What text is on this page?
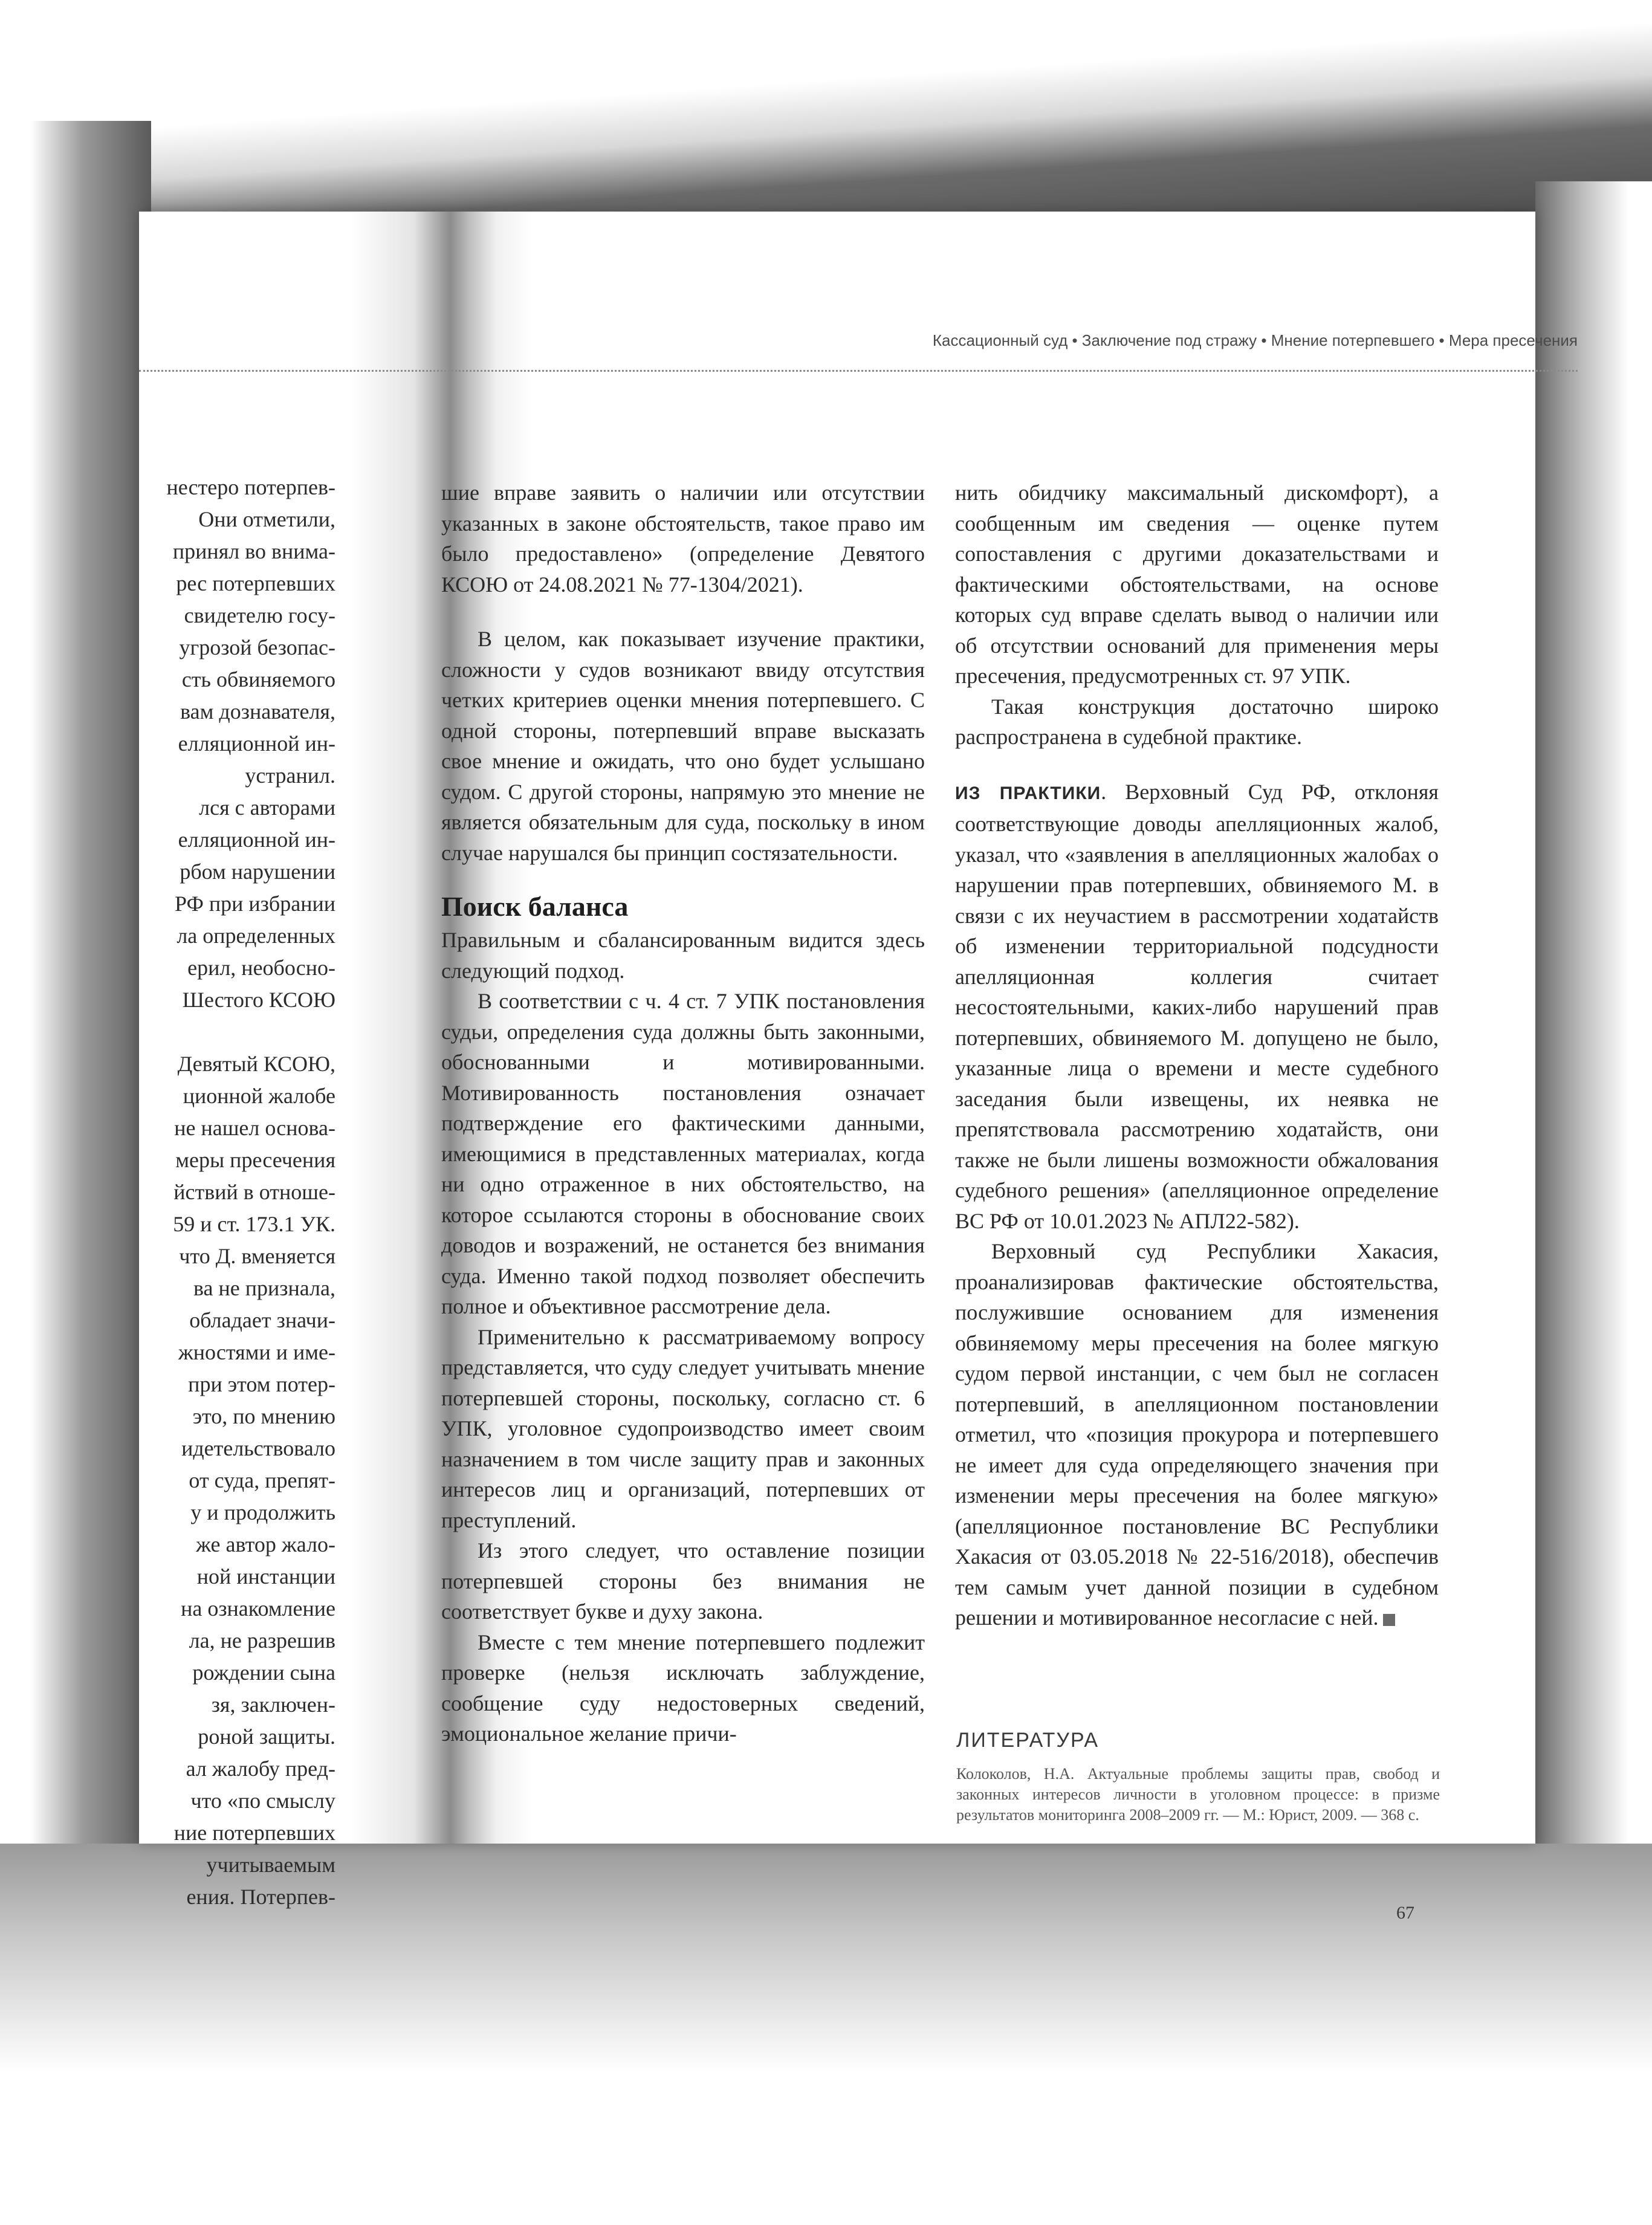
нестеро потерпев-
Они отметили,
принял во внима-
рес потерпевших
свидетелю госу-
угрозой безопас-
сть обвиняемого
вам дознавателя,
елляционной ин-
устранил.
лся с авторами
елляционной ин-
рбом нарушении
РФ при избрании
ла определенных
ерил, необосно-
Шестого КСОЮ

Девятый КСОЮ,
ционной жалобе
не нашел основа-
меры пресечения
йствий в отноше-
59 и ст. 173.1 УК.
что Д. вменяется
ва не признала,
обладает значи-
жностями и име-
при этом потер-
это, по мнению
идетельствовало
от суда, препят-
у и продолжить
же автор жало-
ной инстанции
на ознакомление
ла, не разрешив
рождении сына
зя, заключен-
роной защиты.
ал жалобу пред-
что «по смыслу
ние потерпевших
учитываемым
ения. Потерпев-
Кассационный суд • Заключение под стражу • Мнение потерпевшего • Мера пресечения

шие вправе заявить о наличии или отсутствии указанных в законе обстоятельств, такое право им было предоставлено» (определение Девятого КСОЮ от 24.08.2021 № 77-1304/2021).

В целом, как показывает изучение практики, сложности у судов возникают ввиду отсутствия четких критериев оценки мнения потерпевшего. С одной стороны, потерпевший вправе высказать свое мнение и ожидать, что оно будет услышано судом. С другой стороны, напрямую это мнение не является обязательным для суда, поскольку в ином случае нарушался бы принцип состязательности.

Поиск баланса

Правильным и сбалансированным видится здесь следующий подход.

В соответствии с ч. 4 ст. 7 УПК постановления судьи, определения суда должны быть законными, обоснованными и мотивированными. Мотивированность постановления означает подтверждение его фактическими данными, имеющимися в представленных материалах, когда ни одно отраженное в них обстоятельство, на которое ссылаются стороны в обоснование своих доводов и возражений, не останется без внимания суда. Именно такой подход позволяет обеспечить полное и объективное рассмотрение дела.

Применительно к рассматриваемому вопросу представляется, что суду следует учитывать мнение потерпевшей стороны, поскольку, согласно ст. 6 УПК, уголовное судопроизводство имеет своим назначением в том числе защиту прав и законных интересов лиц и организаций, потерпевших от преступлений.

Из этого следует, что оставление позиции потерпевшей стороны без внимания не соответствует букве и духу закона.

Вместе с тем мнение потерпевшего подлежит проверке (нельзя исключать заблуждение, сообщение суду недостоверных сведений, эмоциональное желание причи-

нить обидчику максимальный дискомфорт), а сообщенным им сведения — оценке путем сопоставления с другими доказательствами и фактическими обстоятельствами, на основе которых суд вправе сделать вывод о наличии или об отсутствии оснований для применения меры пресечения, предусмотренных ст. 97 УПК.

Такая конструкция достаточно широко распространена в судебной практике.

ИЗ ПРАКТИКИ. Верховный Суд РФ, отклоняя соответствующие доводы апелляционных жалоб, указал, что «заявления в апелляционных жалобах о нарушении прав потерпевших, обвиняемого М. в связи с их неучастием в рассмотрении ходатайств об изменении территориальной подсудности апелляционная коллегия считает несостоятельными, каких-либо нарушений прав потерпевших, обвиняемого М. допущено не было, указанные лица о времени и месте судебного заседания были извещены, их неявка не препятствовала рассмотрению ходатайств, они также не были лишены возможности обжалования судебного решения» (апелляционное определение ВС РФ от 10.01.2023 № АПЛ22-582).

Верховный суд Республики Хакасия, проанализировав фактические обстоятельства, послужившие основанием для изменения обвиняемому меры пресечения на более мягкую судом первой инстанции, с чем был не согласен потерпевший, в апелляционном постановлении отметил, что «позиция прокурора и потерпевшего не имеет для суда определяющего значения при изменении меры пресечения на более мягкую» (апелляционное постановление ВС Республики Хакасия от 03.05.2018 № 22-516/2018), обеспечив тем самым учет данной позиции в судебном решении и мотивированное несогласие с ней.

ЛИТЕРАТУРА
Колоколов, Н.А. Актуальные проблемы защиты прав, свобод и законных интересов личности в уголовном процессе: в призме результатов мониторинга 2008–2009 гг. — М.: Юрист, 2009. — 368 с.
67
